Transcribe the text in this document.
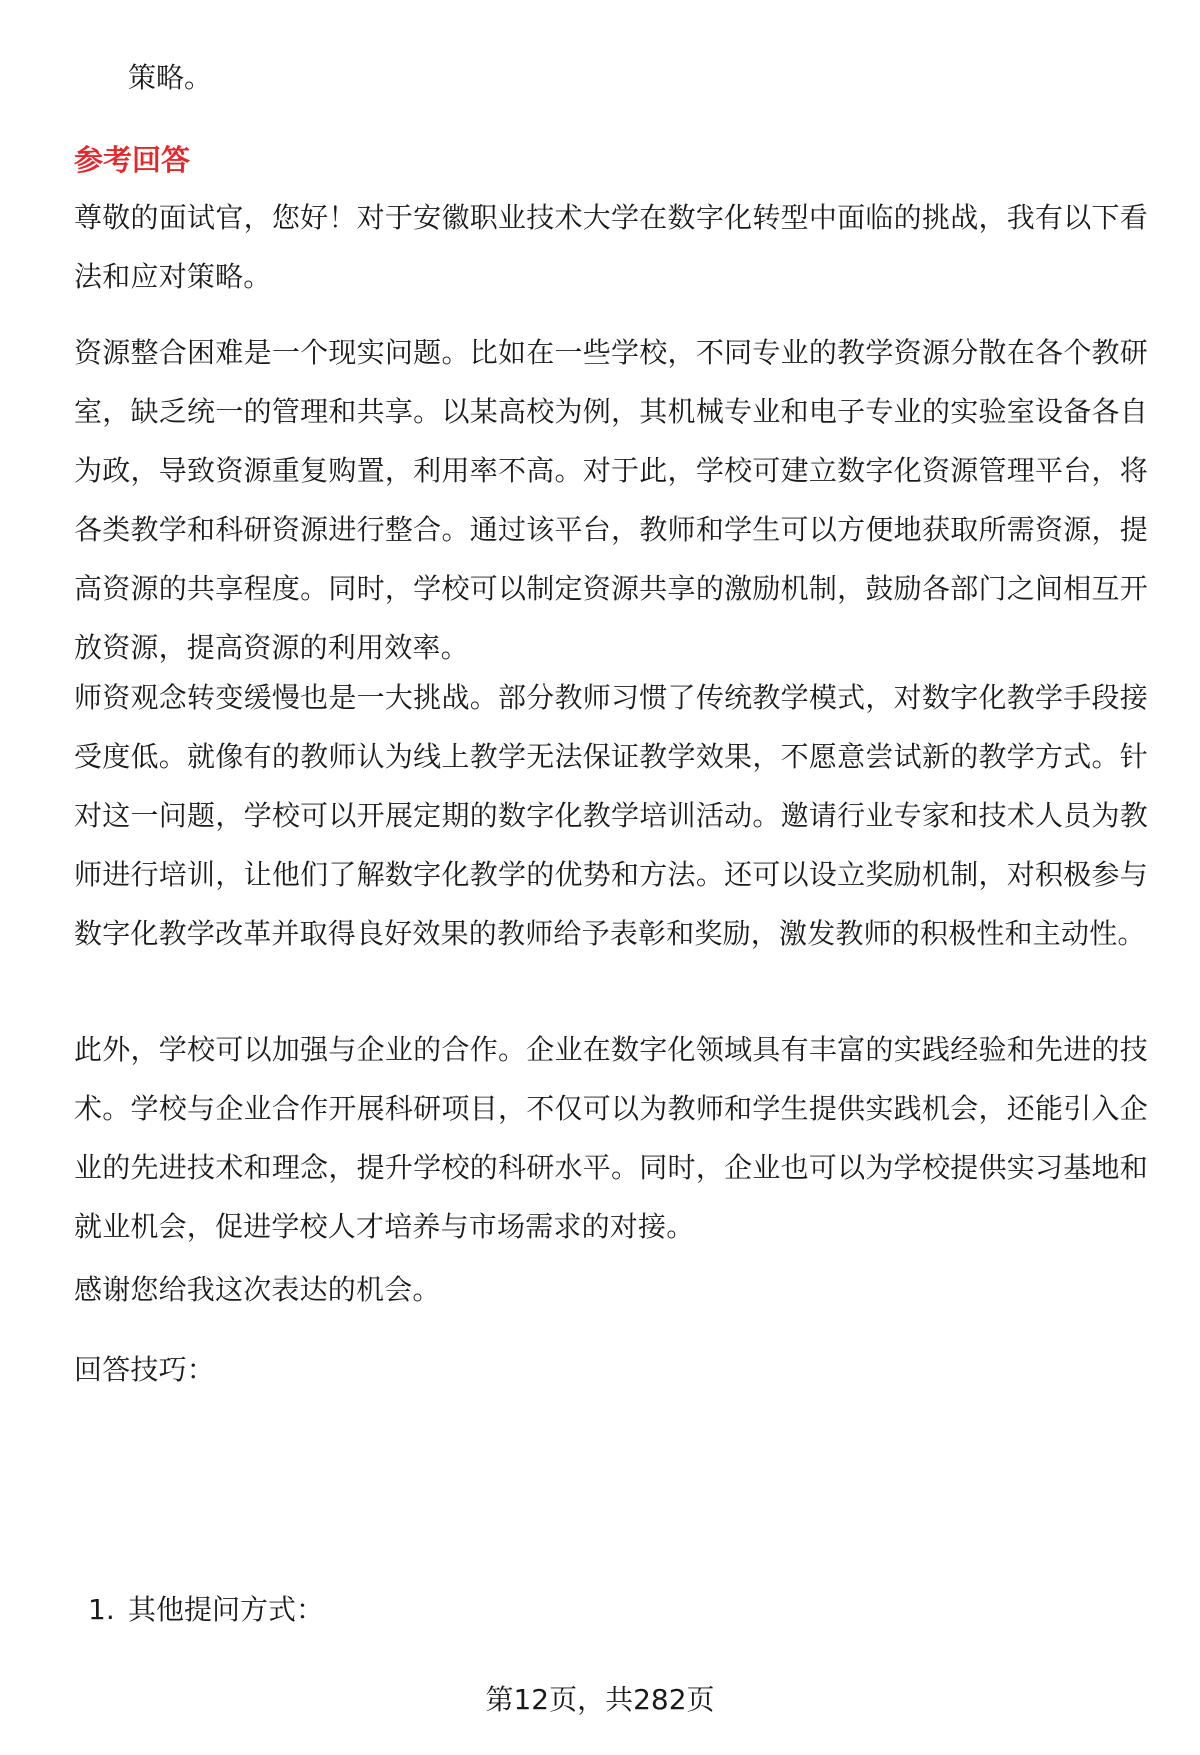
策略。

参考回答

尊敬的面试官，您好！对于安徽职业技术大学在数字化转型中面临的挑战，我有以下看法和应对策略。

资源整合困难是一个现实问题。比如在一些学校，不同专业的教学资源分散在各个教研室，缺乏统一的管理和共享。以某高校为例，其机械专业和电子专业的实验室设备各自为政，导致资源重复购置，利用率不高。对于此，学校可建立数字化资源管理平台，将各类教学和科研资源进行整合。通过该平台，教师和学生可以方便地获取所需资源，提高资源的共享程度。同时，学校可以制定资源共享的激励机制，鼓励各部门之间相互开放资源，提高资源的利用效率。

师资观念转变缓慢也是一大挑战。部分教师习惯了传统教学模式，对数字化教学手段接受度低。就像有的教师认为线上教学无法保证教学效果，不愿意尝试新的教学方式。针对这一问题，学校可以开展定期的数字化教学培训活动。邀请行业专家和技术人员为教师进行培训，让他们了解数字化教学的优势和方法。还可以设立奖励机制，对积极参与数字化教学改革并取得良好效果的教师给予表彰和奖励，激发教师的积极性和主动性。

此外，学校可以加强与企业的合作。企业在数字化领域具有丰富的实践经验和先进的技术。学校与企业合作开展科研项目，不仅可以为教师和学生提供实践机会，还能引入企业的先进技术和理念，提升学校的科研水平。同时，企业也可以为学校提供实习基地和就业机会，促进学校人才培养与市场需求的对接。

感谢您给我这次表达的机会。

回答技巧：

1. 其他提问方式：

第12页，共282页
